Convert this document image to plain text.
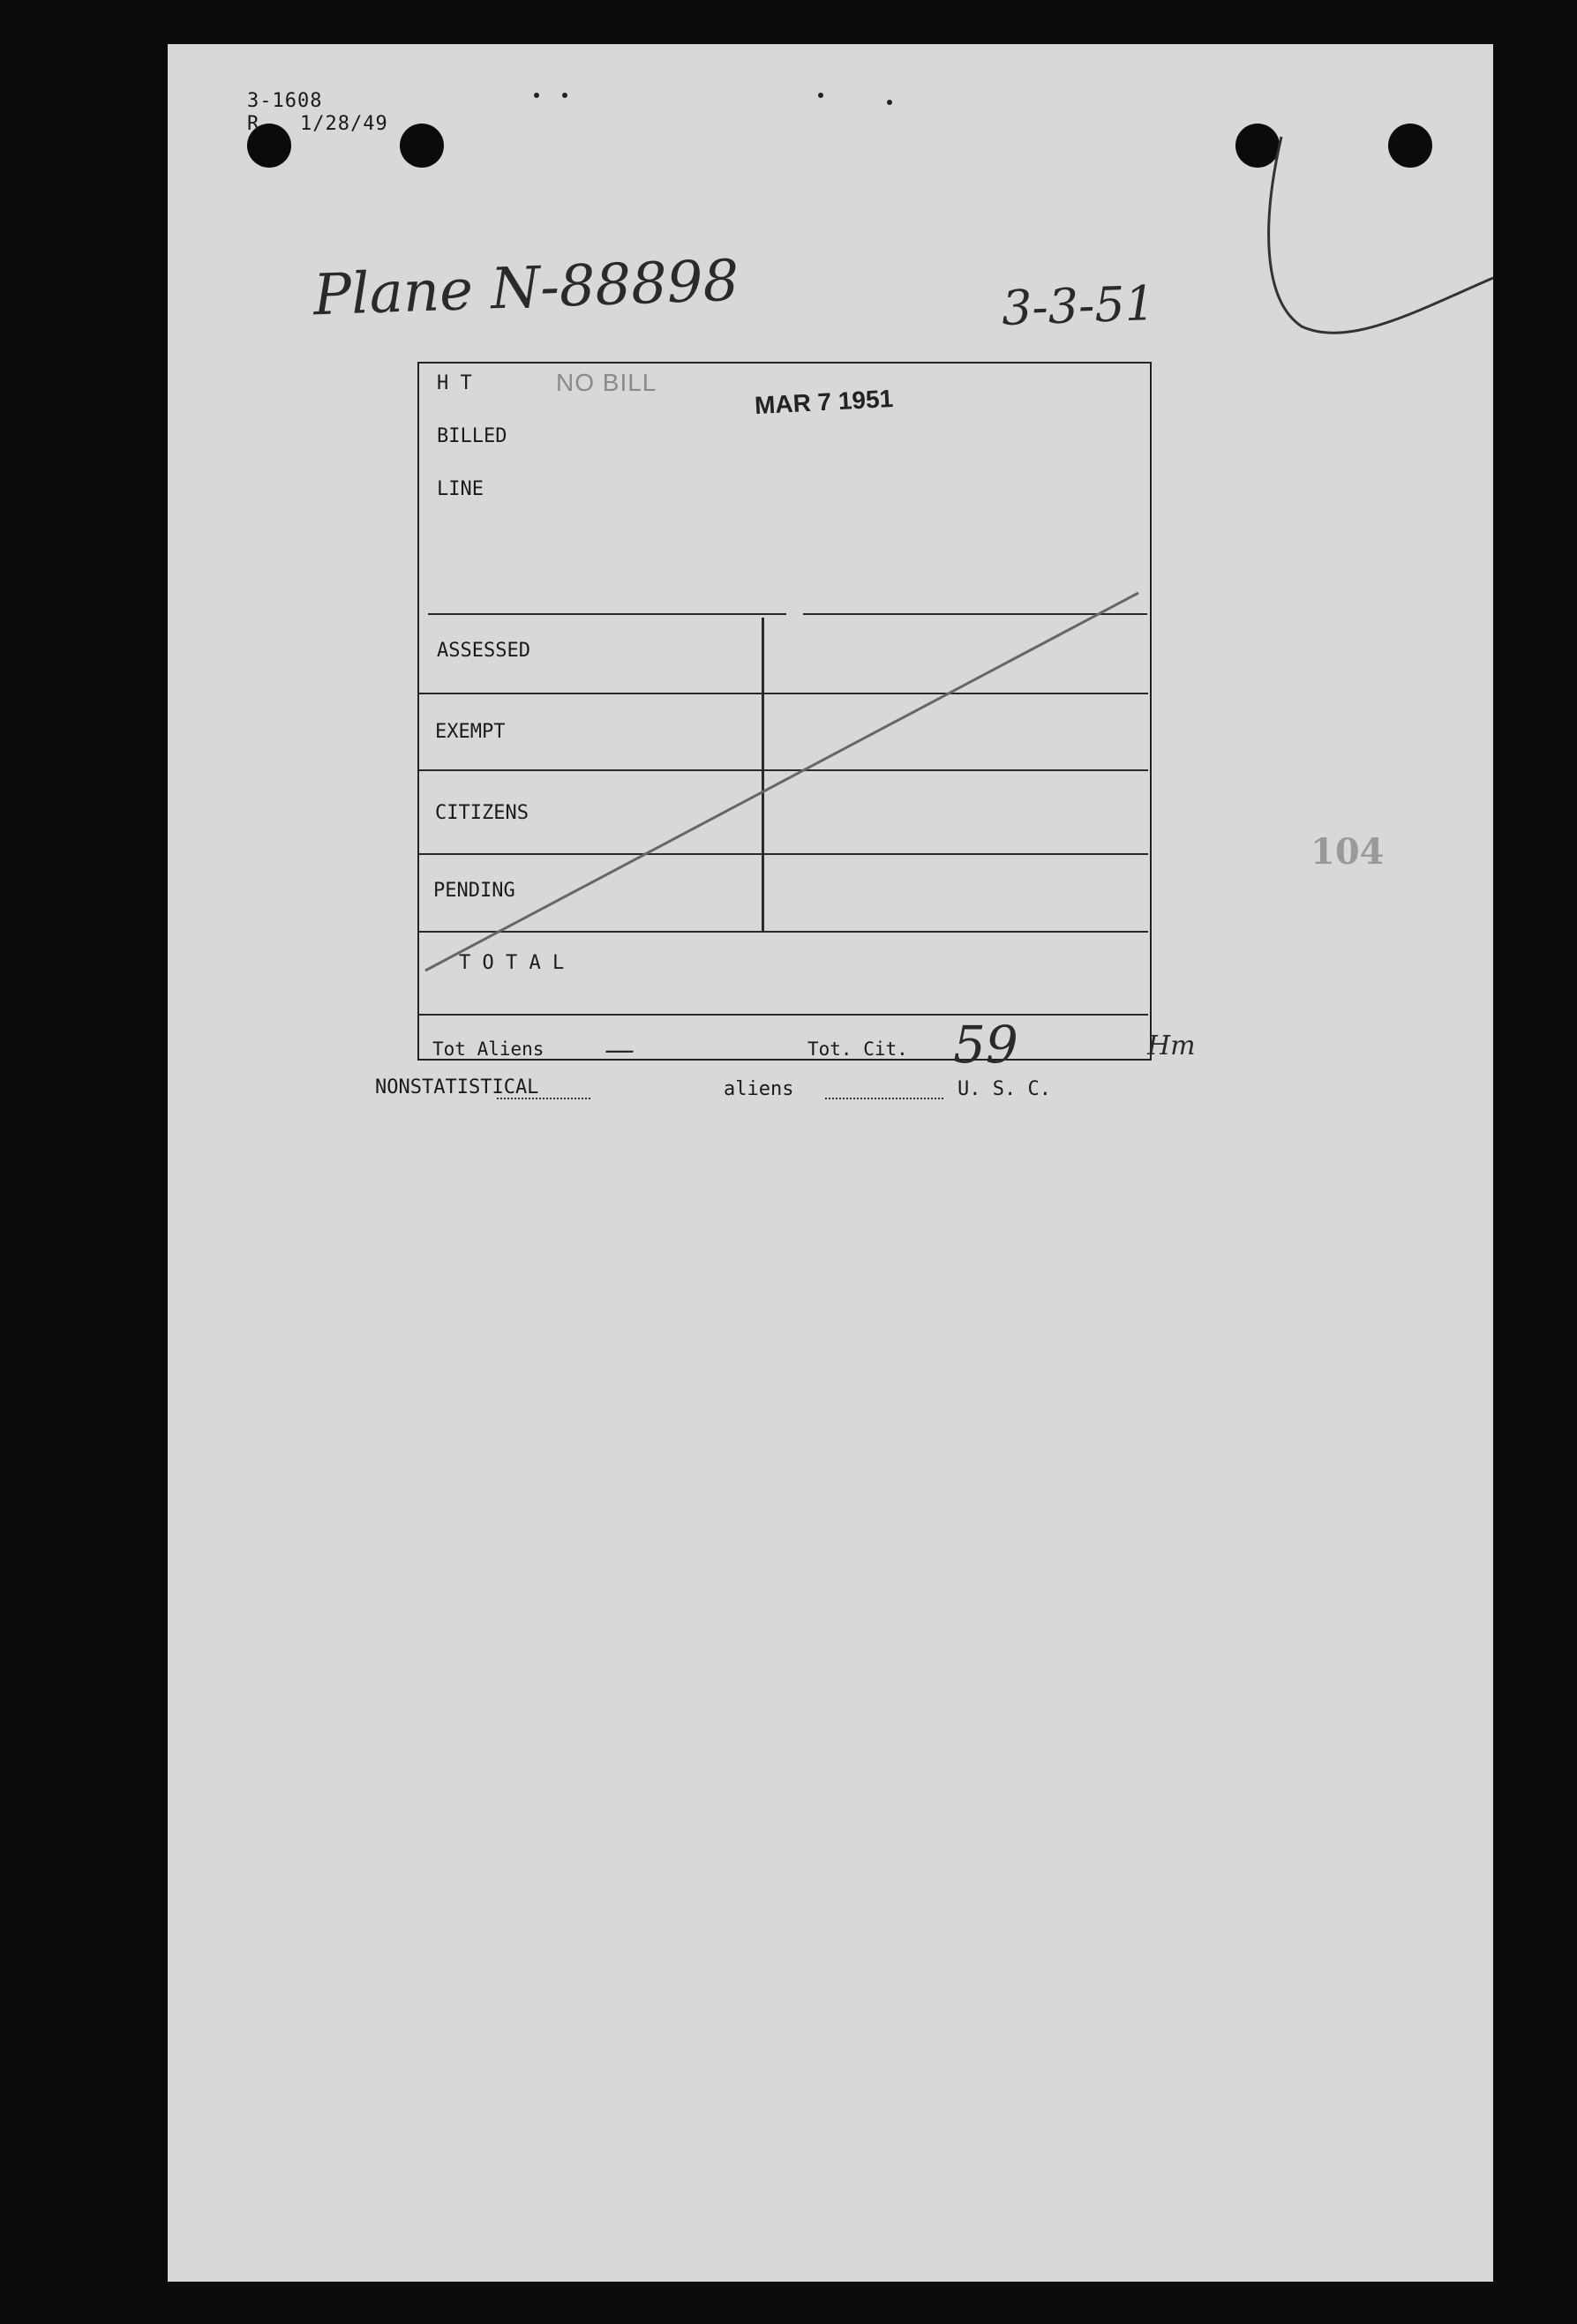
3-1608
R 1/28/49
Plane N-88898	3-3-51
H T
BILLED
LINE
NO BILL
MAR 7 1951
ASSESSED
EXEMPT
CITIZENS
PENDING
T O T A L
Tot Aliens —	Tot. Cit. 59	Hm
104
NONSTATISTICAL	aliens	U. S. C.
